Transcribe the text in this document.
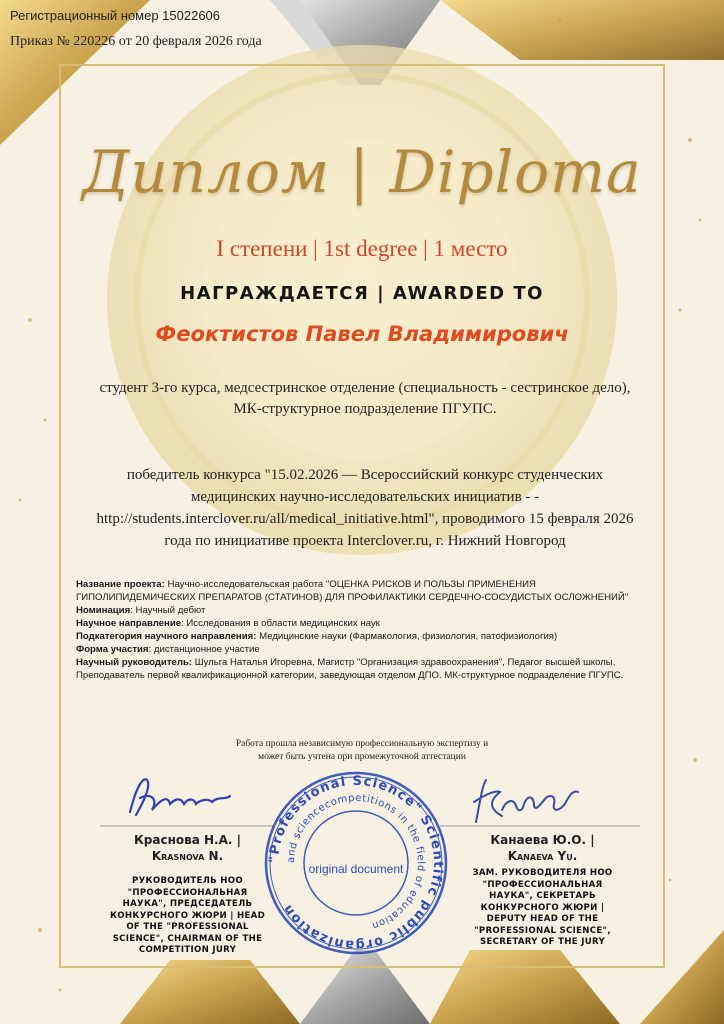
Регистрационный номер 15022606
Приказ № 220226 от 20 февраля 2026 года
Диплом | Diploma
I степени | 1st degree | 1 место
НАГРАЖДАЕТСЯ | AWARDED TO
Феоктистов Павел Владимирович
студент 3-го курса, медсестринское отделение (специальность - сестринское дело),
МК-структурное подразделение ПГУПС.
победитель конкурса "15.02.2026 — Всероссийский конкурс студенческих
медицинских научно-исследовательских инициатив - -
http://students.interclover.ru/all/medical_initiative.html", проводимого 15 февраля 2026
года по инициативе проекта Interclover.ru, г. Нижний Новгород

Название проекта: Научно-исследовательская работа "ОЦЕНКА РИСКОВ И ПОЛЬЗЫ ПРИМЕНЕНИЯ ГИПОЛИПИДЕМИЧЕСКИХ ПРЕПАРАТОВ (СТАТИНОВ) ДЛЯ ПРОФИЛАКТИКИ СЕРДЕЧНО-СОСУДИСТЫХ ОСЛОЖНЕНИЙ"

Номинация: Научный дебют

Научное направление: Исследования в области медицинских наук

Подкатегория научного направления: Медицинские науки (Фармакология, физиология, патофизиология)

Форма участия: дистанционное участие

Научный руководитель: Шульга Наталья Игоревна, Магистр "Организация здравоохранения", Педагог высшей школы. Преподаватель первой квалификационной категории, заведующая отделом ДПО. МК-структурное подразделение ПГУПС.

Работа прошла независимую профессиональную экспертизу и
может быть учтена при промежуточной аттестации
Краснова Н.А. |
Krasnova N.
РУКОВОДИТЕЛЬ НОО
"ПРОФЕССИОНАЛЬНАЯ
НАУКА", ПРЕДСЕДАТЕЛЬ
КОНКУРСНОГО ЖЮРИ | HEAD
OF THE "PROFESSIONAL
SCIENCE", CHAIRMAN OF THE
COMPETITION JURY
Канаева Ю.О. |
Kanaeva Yu.
ЗАМ. РУКОВОДИТЕЛЯ НОО
"ПРОФЕССИОНАЛЬНАЯ
НАУКА", СЕКРЕТАРЬ
КОНКУРСНОГО ЖЮРИ |
DEPUTY HEAD OF THE
"PROFESSIONAL SCIENCE",
SECRETARY OF THE JURY
"Professional Science" Scientific public organization
and sciencecompetitions in the field of education
original document
